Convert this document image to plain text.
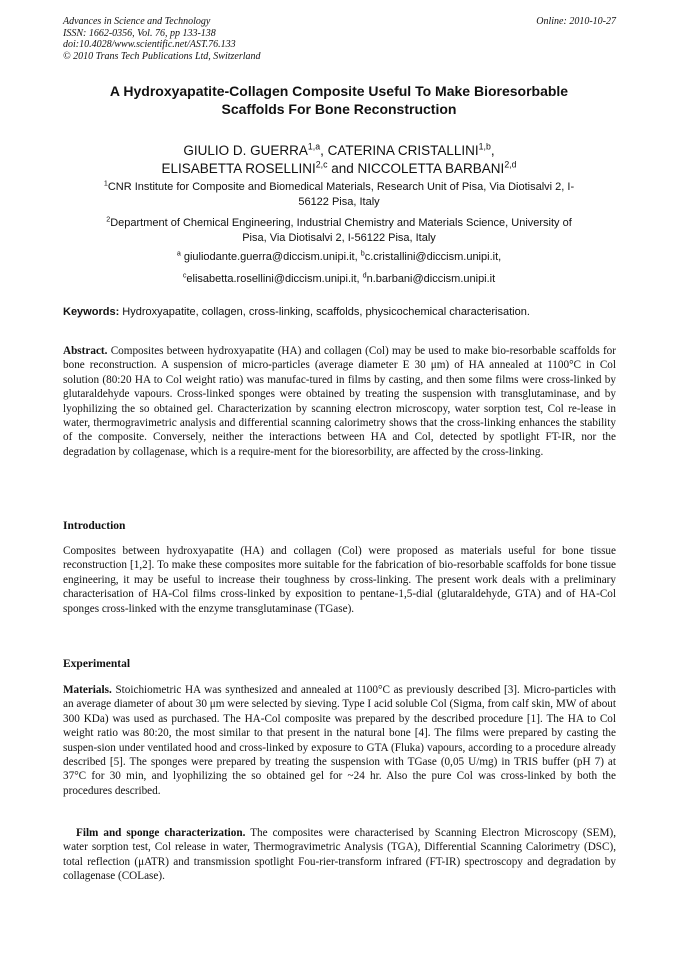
Advances in Science and Technology
ISSN: 1662-0356, Vol. 76, pp 133-138
doi:10.4028/www.scientific.net/AST.76.133
© 2010 Trans Tech Publications Ltd, Switzerland
Online: 2010-10-27
A Hydroxyapatite-Collagen Composite Useful To Make Bioresorbable
Scaffolds For Bone Reconstruction
GIULIO D. GUERRA$^{1,a}$, CATERINA CRISTALLINI$^{1,b}$,
ELISABETTA ROSELLINI$^{2,c}$ and NICCOLETTA BARBANI$^{2,d}$
$^1$CNR Institute for Composite and Biomedical Materials, Research Unit of Pisa, Via Diotisalvi 2, I-
56122 Pisa, Italy
$^2$Department of Chemical Engineering, Industrial Chemistry and Materials Science, University of
Pisa, Via Diotisalvi 2, I-56122 Pisa, Italy
$^a$ giuliodante.guerra@diccism.unipi.it, $^b$c.cristallini@diccism.unipi.it,
$^c$elisabetta.rosellini@diccism.unipi.it, $^d$n.barbani@diccism.unipi.it
Keywords: Hydroxyapatite, collagen, cross-linking, scaffolds, physicochemical characterisation.
Abstract. Composites between hydroxyapatite (HA) and collagen (Col) may be used to make bio-resorbable scaffolds for bone reconstruction. A suspension of micro-particles (average diameter E 30 μm) of HA annealed at 1100°C in Col solution (80:20 HA to Col weight ratio) was manufac-tured in films by casting, and then some films were cross-linked by glutaraldehyde vapours. Cross-linked sponges were obtained by treating the suspension with transglutaminase, and by lyophilizing the so obtained gel. Characterization by scanning electron microscopy, water sorption test, Col re-lease in water, thermogravimetric analysis and differential scanning calorimetry shows that the cross-linking enhances the stability of the composite. Conversely, neither the interactions between HA and Col, detected by spotlight FT-IR, nor the degradation by collagenase, which is a require-ment for the bioresorbility, are affected by the cross-linking.
Introduction
Composites between hydroxyapatite (HA) and collagen (Col) were proposed as materials useful for bone tissue reconstruction [1,2]. To make these composites more suitable for the fabrication of bio-resorbable scaffolds for bone tissue engineering, it may be useful to increase their toughness by cross-linking. The present work deals with a preliminary characterisation of HA-Col films cross-linked by exposition to pentane-1,5-dial (glutaraldehyde, GTA) and of HA-Col sponges cross-linked with the enzyme transglutaminase (TGase).
Experimental
Materials. Stoichiometric HA was synthesized and annealed at 1100°C as previously described [3]. Micro-particles with an average diameter of about 30 μm were selected by sieving. Type I acid soluble Col (Sigma, from calf skin, MW of about 300 KDa) was used as purchased. The HA-Col composite was prepared by the described procedure [1]. The HA to Col weight ratio was 80:20, the most similar to that present in the natural bone [4]. The films were prepared by casting the suspen-sion under ventilated hood and cross-linked by exposure to GTA (Fluka) vapours, according to a procedure already described [5]. The sponges were prepared by treating the suspension with TGase (0,05 U/mg) in TRIS buffer (pH 7) at 37°C for 30 min, and lyophilizing the so obtained gel for ~24 hr. Also the pure Col was cross-linked by both the procedures described.
Film and sponge characterization. The composites were characterised by Scanning Electron Microscopy (SEM), water sorption test, Col release in water, Thermogravimetric Analysis (TGA), Differential Scanning Calorimetry (DSC), total reflection (μATR) and transmission spotlight Fou-rier-transform infrared (FT-IR) spectroscopy and degradation by collagenase (COLase).
